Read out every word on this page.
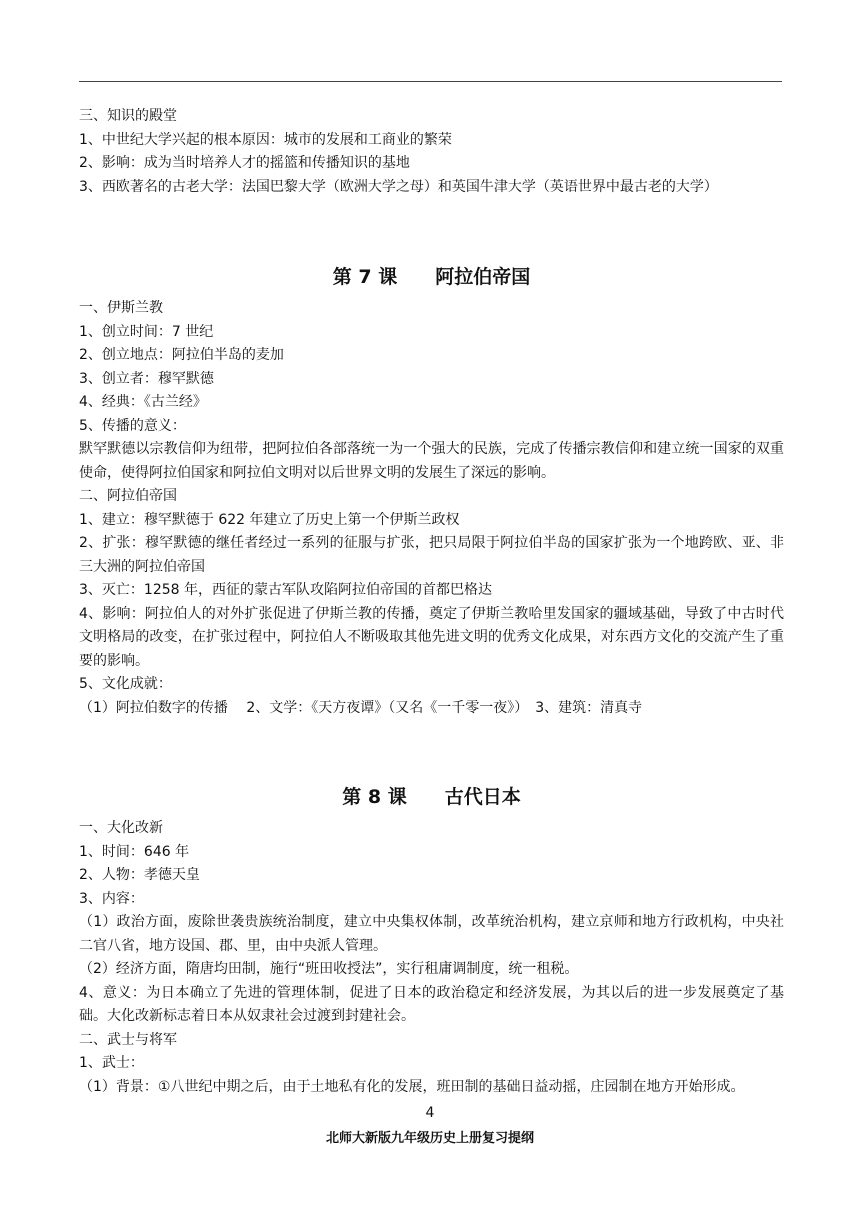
三、知识的殿堂
1、中世纪大学兴起的根本原因：城市的发展和工商业的繁荣
2、影响：成为当时培养人才的摇篮和传播知识的基地
3、西欧著名的古老大学：法国巴黎大学（欧洲大学之母）和英国牛津大学（英语世界中最古老的大学）
第 7 课　　阿拉伯帝国
一、伊斯兰教
1、创立时间：7 世纪
2、创立地点：阿拉伯半岛的麦加
3、创立者：穆罕默德
4、经典：《古兰经》
5、传播的意义：
默罕默德以宗教信仰为纽带，把阿拉伯各部落统一为一个强大的民族，完成了传播宗教信仰和建立统一国家的双重使命，使得阿拉伯国家和阿拉伯文明对以后世界文明的发展生了深远的影响。
二、阿拉伯帝国
1、建立：穆罕默德于 622 年建立了历史上第一个伊斯兰政权
2、扩张：穆罕默德的继任者经过一系列的征服与扩张，把只局限于阿拉伯半岛的国家扩张为一个地跨欧、亚、非三大洲的阿拉伯帝国
3、灭亡：1258 年，西征的蒙古军队攻陷阿拉伯帝国的首都巴格达
4、影响：阿拉伯人的对外扩张促进了伊斯兰教的传播，奠定了伊斯兰教哈里发国家的疆域基础，导致了中古时代文明格局的改变，在扩张过程中，阿拉伯人不断吸取其他先进文明的优秀文化成果，对东西方文化的交流产生了重要的影响。
5、文化成就：
（1）阿拉伯数字的传播　 2、文学：《天方夜谭》（又名《一千零一夜》）　3、建筑：清真寺
第 8 课　　古代日本
一、大化改新
1、时间：646 年
2、人物：孝德天皇
3、内容：
（1）政治方面，废除世袭贵族统治制度，建立中央集权体制，改革统治机构，建立京师和地方行政机构，中央社二官八省，地方设国、郡、里，由中央派人管理。
（2）经济方面，隋唐均田制，施行“班田收授法”，实行租庸调制度，统一租税。
4、意义：为日本确立了先进的管理体制，促进了日本的政治稳定和经济发展，为其以后的进一步发展奠定了基础。大化改新标志着日本从奴隶社会过渡到封建社会。
二、武士与将军
1、武士：
（1）背景：①八世纪中期之后，由于土地私有化的发展，班田制的基础日益动摇，庄园制在地方开始形成。
4
北师大新版九年级历史上册复习提纲
